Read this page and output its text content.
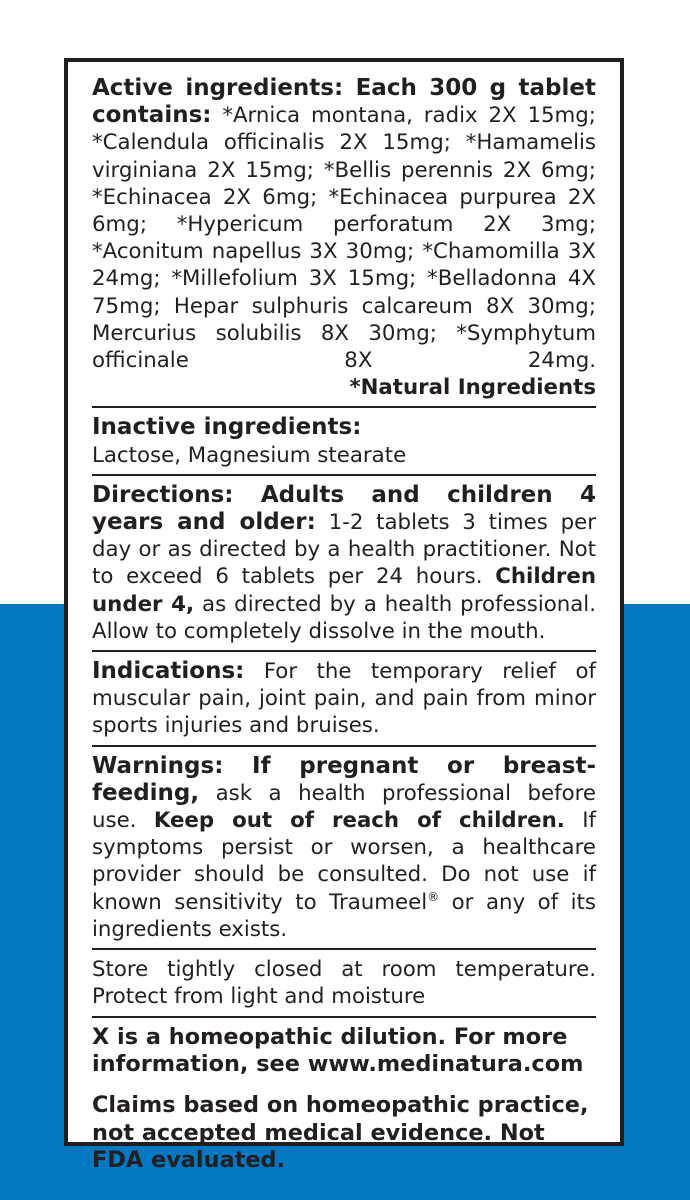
Active ingredients: Each 300 g tablet contains: *Arnica montana, radix 2X 15mg; *Calendula officinalis 2X 15mg; *Hamamelis virginiana 2X 15mg; *Bellis perennis 2X 6mg; *Echinacea 2X 6mg; *Echinacea purpurea 2X 6mg; *Hypericum perforatum 2X 3mg; *Aconitum napellus 3X 30mg; *Chamomilla 3X 24mg; *Millefolium 3X 15mg; *Belladonna 4X 75mg; Hepar sulphuris calcareum 8X 30mg; Mercurius solubilis 8X 30mg; *Symphytum officinale 8X 24mg.

*Natural Ingredients

Inactive ingredients:

Lactose, Magnesium stearate

Directions: Adults and children 4 years and older: 1-2 tablets 3 times per day or as directed by a health practitioner. Not to exceed 6 tablets per 24 hours. Children under 4, as directed by a health professional. Allow to completely dissolve in the mouth.

Indications: For the temporary relief of muscular pain, joint pain, and pain from minor sports injuries and bruises.

Warnings: If pregnant or breast-feeding, ask a health professional before use. Keep out of reach of children. If symptoms persist or worsen, a healthcare provider should be consulted. Do not use if known sensitivity to Traumeel® or any of its ingredients exists.

Store tightly closed at room temperature. Protect from light and moisture

X is a homeopathic dilution. For more information, see www.medinatura.com

Claims based on homeopathic practice, not accepted medical evidence. Not FDA evaluated.
